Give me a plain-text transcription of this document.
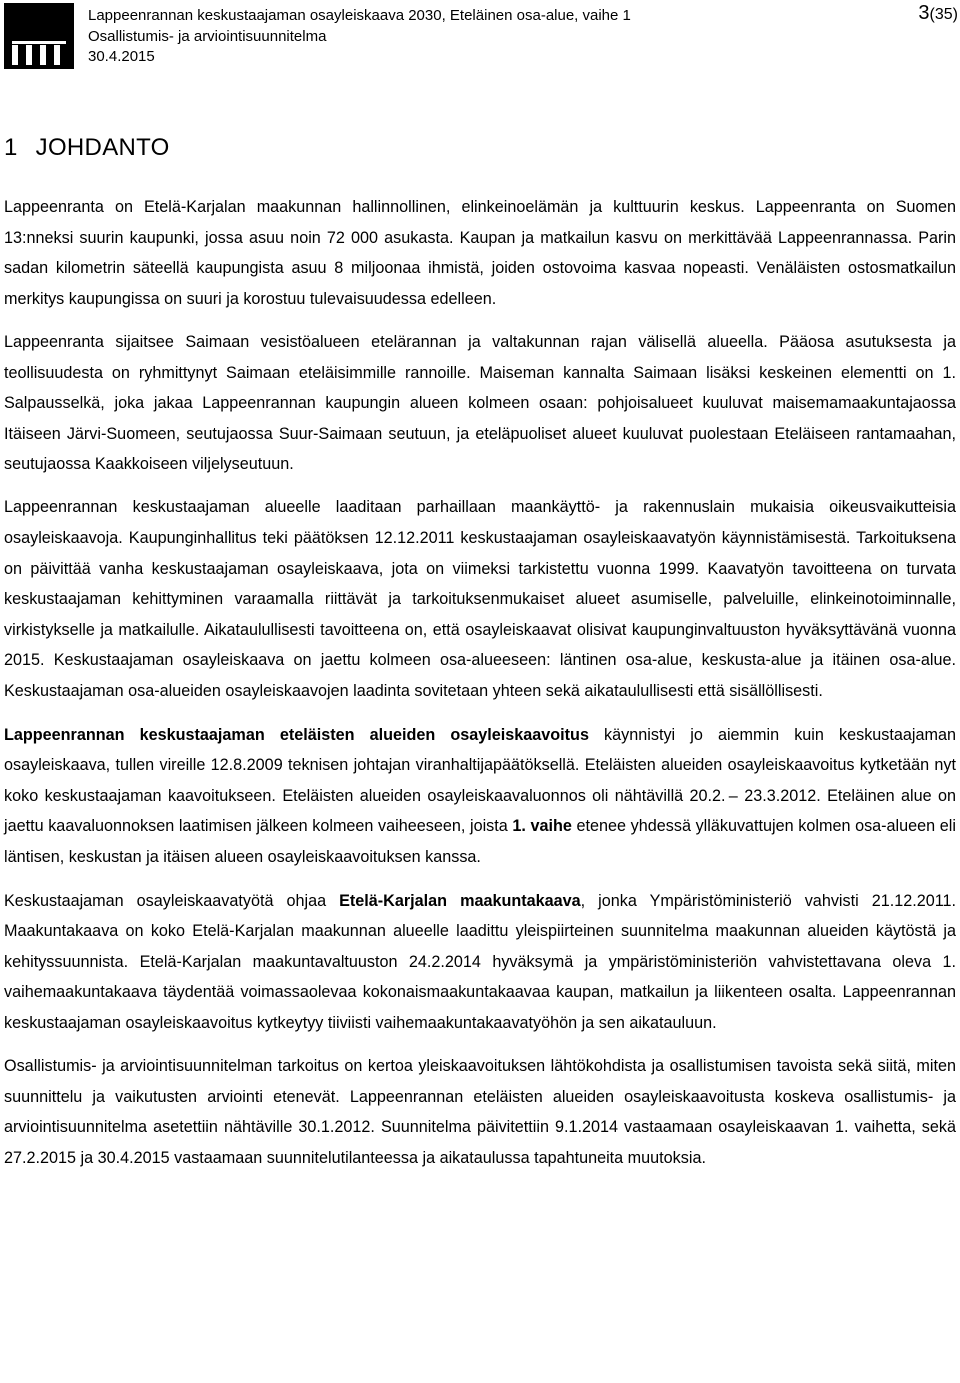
Lappeenrannan keskustaajaman osayleiskaava 2030, Eteläinen osa-alue, vaihe 1
Osallistumis- ja arviointisuunnitelma
30.4.2015
3(35)
1 JOHDANTO

Lappeenranta on Etelä-Karjalan maakunnan hallinnollinen, elinkeinoelämän ja kulttuurin keskus. Lappeenranta on Suomen 13:nneksi suurin kaupunki, jossa asuu noin 72 000 asukasta. Kaupan ja matkailun kasvu on merkittävää Lappeenrannassa. Parin sadan kilometrin säteellä kaupungista asuu 8 miljoonaa ihmistä, joiden ostovoima kasvaa nopeasti. Venäläisten ostosmatkailun merkitys kaupungissa on suuri ja korostuu tulevaisuudessa edelleen.

Lappeenranta sijaitsee Saimaan vesistöalueen etelärannan ja valtakunnan rajan välisellä alueella. Pääosa asutuksesta ja teollisuudesta on ryhmittynyt Saimaan eteläisimmille rannoille. Maiseman kannalta Saimaan lisäksi keskeinen elementti on 1. Salpausselkä, joka jakaa Lappeenrannan kaupungin alueen kolmeen osaan: pohjoisalueet kuuluvat maisemamaakuntajaossa Itäiseen Järvi-Suomeen, seutujaossa Suur-Saimaan seutuun, ja eteläpuoliset alueet kuuluvat puolestaan Eteläiseen rantamaahan, seutujaossa Kaakkoiseen viljelyseutuun.

Lappeenrannan keskustaajaman alueelle laaditaan parhaillaan maankäyttö- ja rakennuslain mukaisia oikeusvaikutteisia osayleiskaavoja. Kaupunginhallitus teki päätöksen 12.12.2011 keskustaajaman osayleiskaavatyön käynnistämisestä. Tarkoituksena on päivittää vanha keskustaajaman osayleiskaava, jota on viimeksi tarkistettu vuonna 1999. Kaavatyön tavoitteena on turvata keskustaajaman kehittyminen varaamalla riittävät ja tarkoituksenmukaiset alueet asumiselle, palveluille, elinkeinotoiminnalle, virkistykselle ja matkailulle. Aikataulullisesti tavoitteena on, että osayleiskaavat olisivat kaupunginvaltuuston hyväksyttävänä vuonna 2015. Keskustaajaman osayleiskaava on jaettu kolmeen osa-alueeseen: läntinen osa-alue, keskusta-alue ja itäinen osa-alue. Keskustaajaman osa-alueiden osayleiskaavojen laadinta sovitetaan yhteen sekä aikataulullisesti että sisällöllisesti.

Lappeenrannan keskustaajaman eteläisten alueiden osayleiskaavoitus käynnistyi jo aiemmin kuin keskustaajaman osayleiskaava, tullen vireille 12.8.2009 teknisen johtajan viranhaltijapäätöksellä. Eteläisten alueiden osayleiskaavoitus kytketään nyt koko keskustaajaman kaavoitukseen. Eteläisten alueiden osayleiskaavaluonnos oli nähtävillä 20.2. – 23.3.2012. Eteläinen alue on jaettu kaavaluonnoksen laatimisen jälkeen kolmeen vaiheeseen, joista 1. vaihe etenee yhdessä ylläkuvattujen kolmen osa-alueen eli läntisen, keskustan ja itäisen alueen osayleiskaavoituksen kanssa.

Keskustaajaman osayleiskaavatyötä ohjaa Etelä-Karjalan maakuntakaava, jonka Ympäristöministeriö vahvisti 21.12.2011. Maakuntakaava on koko Etelä-Karjalan maakunnan alueelle laadittu yleispiirteinen suunnitelma maakunnan alueiden käytöstä ja kehityssuunnista. Etelä-Karjalan maakuntavaltuuston 24.2.2014 hyväksymä ja ympäristöministeriön vahvistettavana oleva 1. vaihemaakuntakaava täydentää voimassaolevaa kokonaismaakuntakaavaa kaupan, matkailun ja liikenteen osalta. Lappeenrannan keskustaajaman osayleiskaavoitus kytkeytyy tiiviisti vaihemaakuntakaavatyöhön ja sen aikatauluun.

Osallistumis- ja arviointisuunnitelman tarkoitus on kertoa yleiskaavoituksen lähtökohdista ja osallistumisen tavoista sekä siitä, miten suunnittelu ja vaikutusten arviointi etenevät. Lappeenrannan eteläisten alueiden osayleiskaavoitusta koskeva osallistumis- ja arviointisuunnitelma asetettiin nähtäville 30.1.2012. Suunnitelma päivitettiin 9.1.2014 vastaamaan osayleiskaavan 1. vaihetta, sekä 27.2.2015 ja 30.4.2015 vastaamaan suunnitelutilanteessa ja aikataulussa tapahtuneita muutoksia.
